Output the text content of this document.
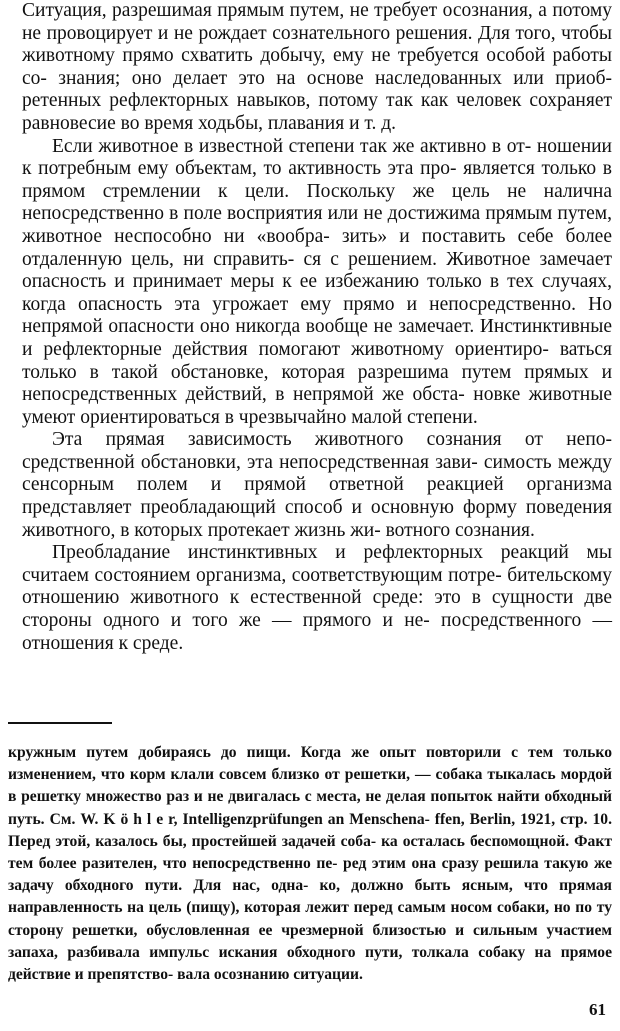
Ситуация, разрешимая прямым путем, не требует осознания, а потому не провоцирует и не рождает сознательного решения. Для того, чтобы животному прямо схватить добычу, ему не требуется особой работы со- знания; оно делает это на основе наследованных или приоб- ретенных рефлекторных навыков, потому так как человек сохраняет равновесие во время ходьбы, плавания и т. д.

Если животное в известной степени так же активно в от- ношении к потребным ему объектам, то активность эта про- является только в прямом стремлении к цели. Поскольку же цель не налична непосредственно в поле восприятия или не достижима прямым путем, животное неспособно ни «вообра- зить» и поставить себе более отдаленную цель, ни справить- ся с решением. Животное замечает опасность и принимает меры к ее избежанию только в тех случаях, когда опасность эта угрожает ему прямо и непосредственно. Но непрямой опасности оно никогда вообще не замечает. Инстинктивные и рефлекторные действия помогают животному ориентиро- ваться только в такой обстановке, которая разрешима путем прямых и непосредственных действий, в непрямой же обста- новке животные умеют ориентироваться в чрезвычайно малой степени.

Эта прямая зависимость животного сознания от непо- средственной обстановки, эта непосредственная зави- симость между сенсорным полем и прямой ответной реакцией организма представляет преобладающий способ и основную форму поведения животного, в которых протекает жизнь жи- вотного сознания.

Преобладание инстинктивных и рефлекторных реакций мы считаем состоянием организма, соответствующим потре- бительскому отношению животного к естественной среде: это в сущности две стороны одного и того же — прямого и не- посредственного — отношения к среде.

кружным путем добираясь до пищи. Когда же опыт повторили с тем только изменением, что корм клали совсем близко от решетки, — собака тыкалась мордой в решетку множество раз и не двигалась с места, не делая попыток найти обходный путь. См. W. K ö h l e r, Intelligenzprüfungen an Menschena- ffen, Berlin, 1921, стр. 10. Перед этой, казалось бы, простейшей задачей соба- ка осталась беспомощной. Факт тем более разителен, что непосредственно пе- ред этим она сразу решила такую же задачу обходного пути. Для нас, одна- ко, должно быть ясным, что прямая направленность на цель (пищу), которая лежит перед самым носом собаки, но по ту сторону решетки, обусловленная ее чрезмерной близостью и сильным участием запаха, разбивала импульс искания обходного пути, толкала собаку на прямое действие и препятство- вала осознанию ситуации.

61
